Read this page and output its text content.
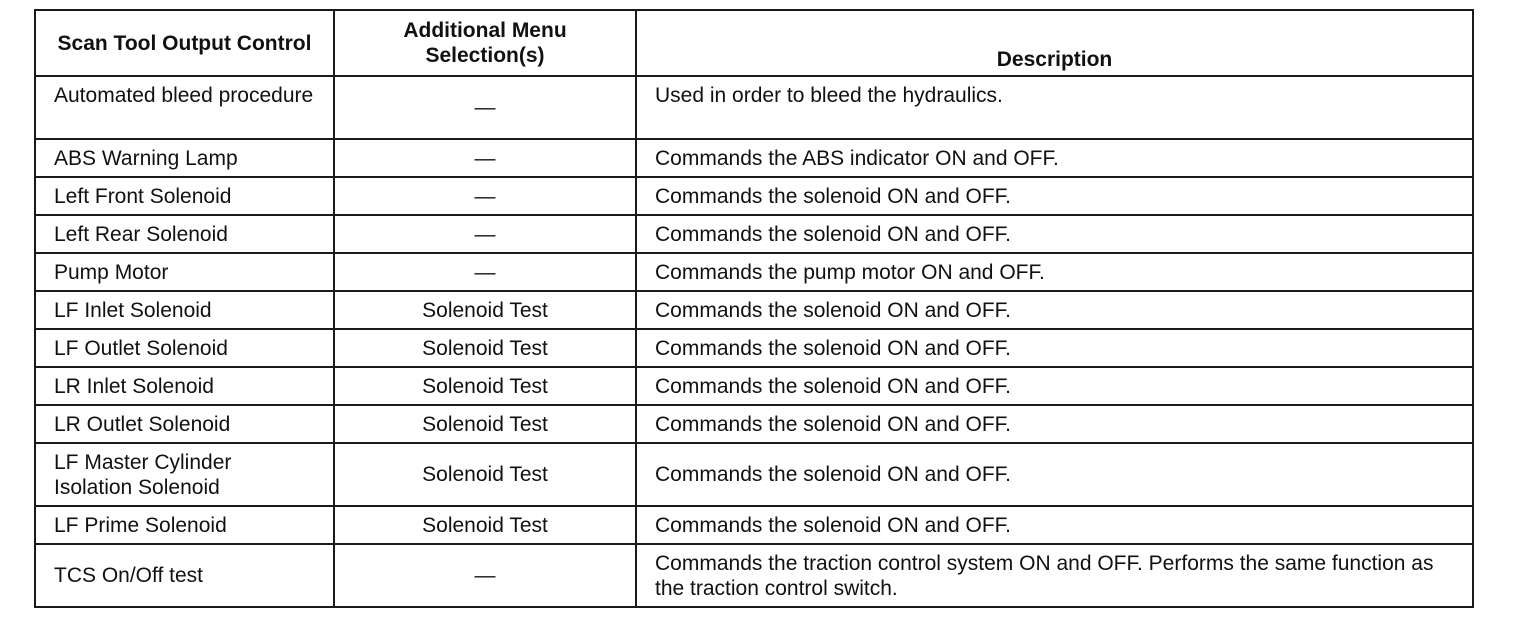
Scan Tool Output Control	Additional Menu Selection(s)	Description
Automated bleed procedure	—	Used in order to bleed the hydraulics.
ABS Warning Lamp	—	Commands the ABS indicator ON and OFF.
Left Front Solenoid	—	Commands the solenoid ON and OFF.
Left Rear Solenoid	—	Commands the solenoid ON and OFF.
Pump Motor	—	Commands the pump motor ON and OFF.
LF Inlet Solenoid	Solenoid Test	Commands the solenoid ON and OFF.
LF Outlet Solenoid	Solenoid Test	Commands the solenoid ON and OFF.
LR Inlet Solenoid	Solenoid Test	Commands the solenoid ON and OFF.
LR Outlet Solenoid	Solenoid Test	Commands the solenoid ON and OFF.
LF Master Cylinder Isolation Solenoid	Solenoid Test	Commands the solenoid ON and OFF.
LF Prime Solenoid	Solenoid Test	Commands the solenoid ON and OFF.
TCS On/Off test	—	Commands the traction control system ON and OFF. Performs the same function as the traction control switch.
